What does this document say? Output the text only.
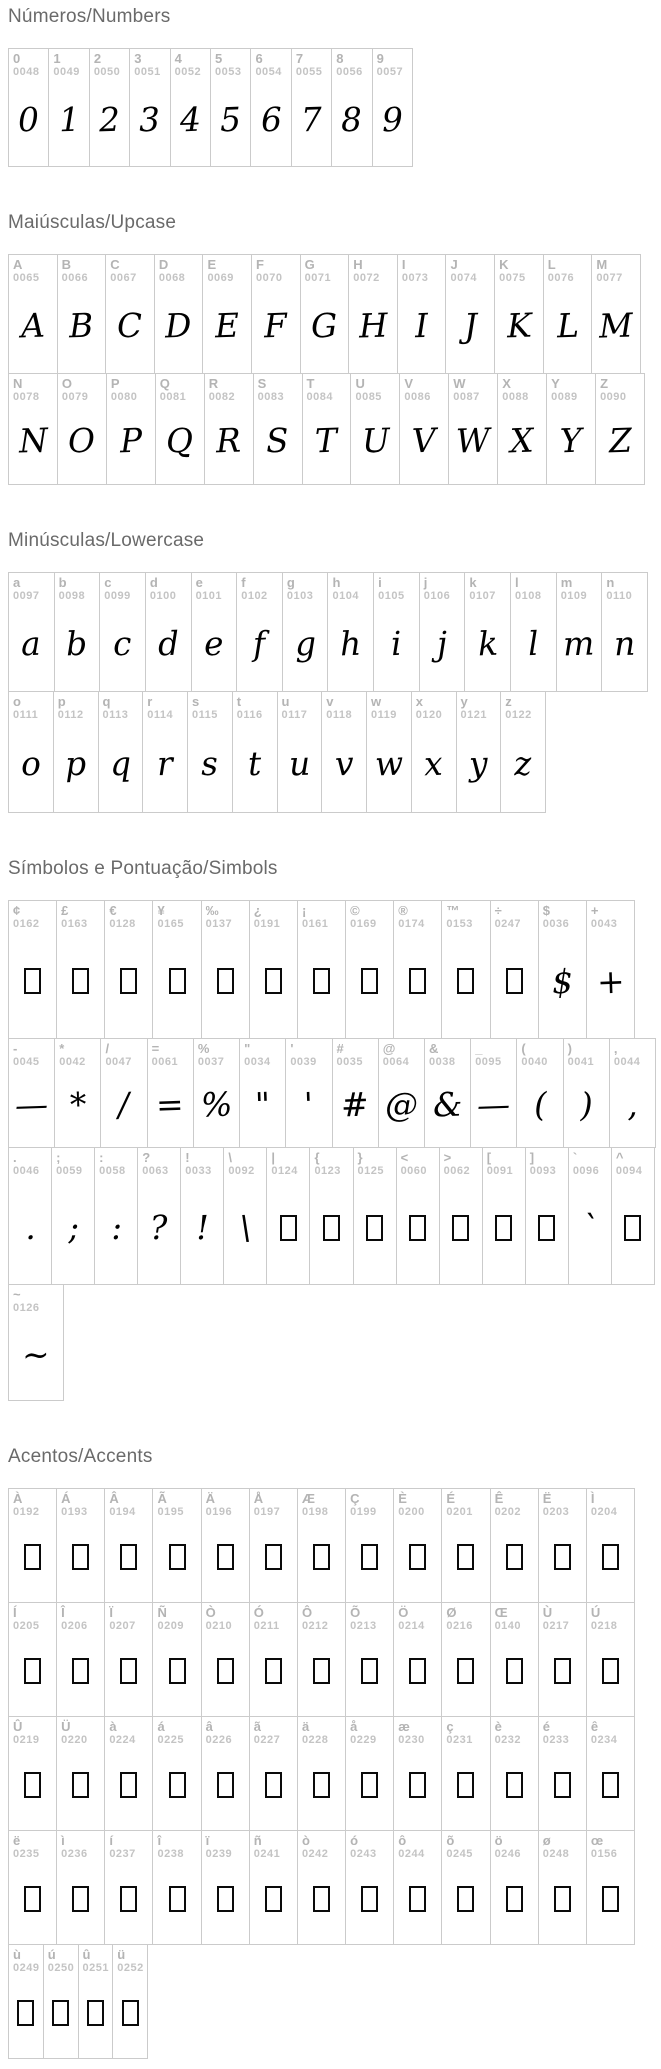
Números/Numbers
0
0048
0
1
0049
1
2
0050
2
3
0051
3
4
0052
4
5
0053
5
6
0054
6
7
0055
7
8
0056
8
9
0057
9
Maiúsculas/Upcase
A
0065
A
B
0066
B
C
0067
C
D
0068
D
E
0069
E
F
0070
F
G
0071
G
H
0072
H
I
0073
I
J
0074
J
K
0075
K
L
0076
L
M
0077
M
N
0078
N
O
0079
O
P
0080
P
Q
0081
Q
R
0082
R
S
0083
S
T
0084
T
U
0085
U
V
0086
V
W
0087
W
X
0088
X
Y
0089
Y
Z
0090
Z
Minúsculas/Lowercase
a
0097
a
b
0098
b
c
0099
c
d
0100
d
e
0101
e
f
0102
f
g
0103
g
h
0104
h
i
0105
i
j
0106
j
k
0107
k
l
0108
l
m
0109
m
n
0110
n
o
0111
o
p
0112
p
q
0113
q
r
0114
r
s
0115
s
t
0116
t
u
0117
u
v
0118
v
w
0119
w
x
0120
x
y
0121
y
z
0122
z
Símbolos e Pontuação/Simbols
¢
0162
£
0163
€
0128
¥
0165
‰
0137
¿
0191
¡
0161
©
0169
®
0174
™
0153
÷
0247
$
0036
$
+
0043
+
-
0045
—
*
0042
*
/
0047
/
=
0061
=
%
0037
%
"
0034
"
'
0039
'
#
0035
#
@
0064
@
&
0038
&
_
0095
—
(
0040
(
)
0041
)
,
0044
,
.
0046
.
;
0059
;
:
0058
:
?
0063
?
!
0033
!
\
0092
\
|
0124
{
0123
}
0125
<
0060
>
0062
[
0091
]
0093
`
0096
`
^
0094
~
0126
~
Acentos/Accents
À
0192
Á
0193
Â
0194
Ã
0195
Ä
0196
Å
0197
Æ
0198
Ç
0199
È
0200
É
0201
Ê
0202
Ë
0203
Ì
0204
Í
0205
Î
0206
Ï
0207
Ñ
0209
Ò
0210
Ó
0211
Ô
0212
Õ
0213
Ö
0214
Ø
0216
Œ
0140
Ù
0217
Ú
0218
Û
0219
Ü
0220
à
0224
á
0225
â
0226
ã
0227
ä
0228
å
0229
æ
0230
ç
0231
è
0232
é
0233
ê
0234
ë
0235
ì
0236
í
0237
î
0238
ï
0239
ñ
0241
ò
0242
ó
0243
ô
0244
õ
0245
ö
0246
ø
0248
œ
0156
ù
0249
ú
0250
û
0251
ü
0252
